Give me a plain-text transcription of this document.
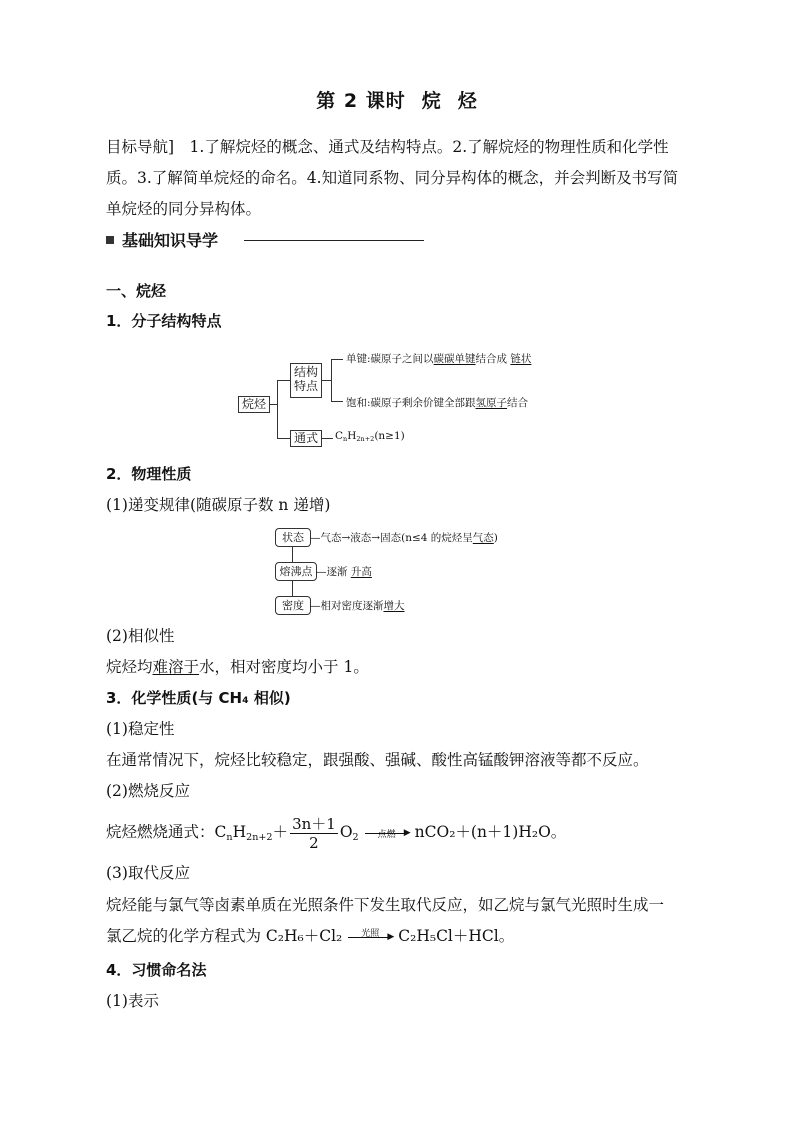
第 2 课时 烷 烃
目标导航]　1.了解烷烃的概念、通式及结构特点。2.了解烷烃的物理性质和化学性
质。3.了解简单烷烃的命名。4.知道同系物、同分异构体的概念，并会判断及书写简
单烷烃的同分异构体。
基础知识导学
一、烷烃
1．分子结构特点
烷烃
结构
特点
单键:碳原子之间以碳碳单键结合成 链状
饱和:碳原子剩余价键全部跟氢原子结合
通式	$C_nH_{2n+2}(n\ge 1)$
2．物理性质
(1)递变规律(随碳原子数 n 递增)
状态 —气态→液态→固态(n≤4 的烷烃呈气态)
熔沸点 —逐渐 升高
密度 —相对密度逐渐增大
(2)相似性
烷烃均难溶于水，相对密度均小于 1。
3．化学性质(与 CH₄ 相似)
(1)稳定性
在通常情况下，烷烃比较稳定，跟强酸、强碱、酸性高锰酸钾溶液等都不反应。
(2)燃烧反应
烷烃燃烧通式：$C_nH_{2n+2}+ \frac{3n+1}{2} O_2$	点燃 ▶ nCO₂＋(n＋1)H₂O。
(3)取代反应
烷烃能与氯气等卤素单质在光照条件下发生取代反应，如乙烷与氯气光照时生成一
氯乙烷的化学方程式为 C₂H₆＋Cl₂	光照 ▶ C₂H₅Cl＋HCl。
4．习惯命名法
(1)表示
